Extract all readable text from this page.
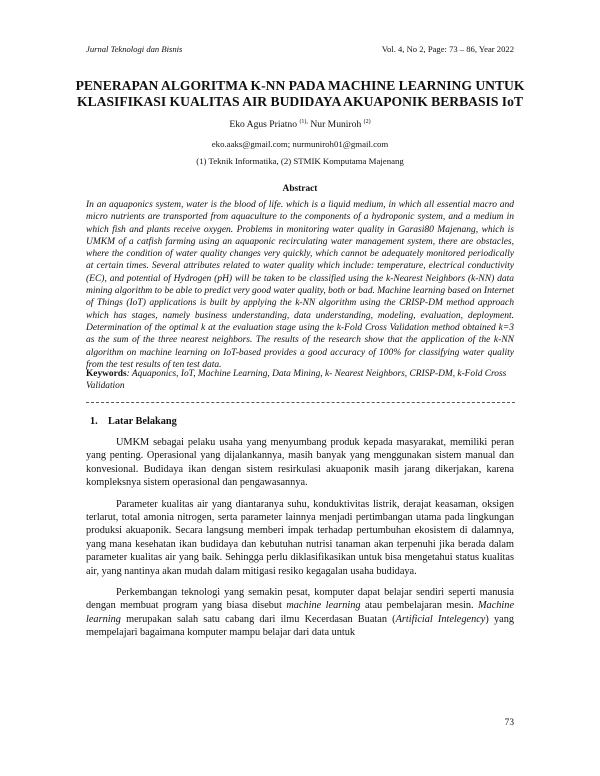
Jurnal Teknologi dan Bisnis	Vol. 4, No 2, Page: 73 – 86, Year 2022
PENERAPAN ALGORITMA K-NN PADA MACHINE LEARNING UNTUK
KLASIFIKASI KUALITAS AIR BUDIDAYA AKUAPONIK BERBASIS IoT
Eko Agus Priatno $^{(1),}$ Nur Muniroh $^{(2)}$
eko.aaks@gmail.com; nurmuniroh01@gmail.com
(1) Teknik Informatika, (2) STMIK Komputama Majenang
Abstract
In an aquaponics system, water is the blood of life. which is a liquid medium, in which all essential macro and micro nutrients are transported from aquaculture to the components of a hydroponic system, and a medium in which fish and plants receive oxygen. Problems in monitoring water quality in Garasi80 Majenang, which is UMKM of a catfish farming using an aquaponic recirculating water management system, there are obstacles, where the condition of water quality changes very quickly, which cannot be adequately monitored periodically at certain times. Several attributes related to water quality which include: temperature, electrical conductivity (EC), and potential of Hydrogen (pH) will be taken to be classified using the k-Nearest Neighbors (k-NN) data mining algorithm to be able to predict very good water quality, both or bad. Machine learning based on Internet of Things (IoT) applications is built by applying the k-NN algorithm using the CRISP-DM method approach which has stages, namely business understanding, data understanding, modeling, evaluation, deployment. Determination of the optimal k at the evaluation stage using the k-Fold Cross Validation method obtained k=3 as the sum of the three nearest neighbors. The results of the research show that the application of the k-NN algorithm on machine learning on IoT-based provides a good accuracy of 100% for classifying water quality from the test results of ten test data.
Keywords: Aquaponics, IoT, Machine Learning, Data Mining, k- Nearest Neighbors, CRISP-DM, k-Fold Cross Validation
1. Latar Belakang

UMKM sebagai pelaku usaha yang menyumbang produk kepada masyarakat, memiliki peran yang penting. Operasional yang dijalankannya, masih banyak yang menggunakan sistem manual dan konvesional. Budidaya ikan dengan sistem resirkulasi akuaponik masih jarang dikerjakan, karena kompleksnya sistem operasional dan pengawasannya.

Parameter kualitas air yang diantaranya suhu, konduktivitas listrik, derajat keasaman, oksigen terlarut, total amonia nitrogen, serta parameter lainnya menjadi pertimbangan utama pada lingkungan produksi akuaponik. Secara langsung memberi impak terhadap pertumbuhan ekosistem di dalamnya, yang mana kesehatan ikan budidaya dan kebutuhan nutrisi tanaman akan terpenuhi jika berada dalam parameter kualitas air yang baik. Sehingga perlu diklasifikasikan untuk bisa mengetahui status kualitas air, yang nantinya akan mudah dalam mitigasi resiko kegagalan usaha budidaya.

Perkembangan teknologi yang semakin pesat, komputer dapat belajar sendiri seperti manusia dengan membuat program yang biasa disebut machine learning atau pembelajaran mesin. Machine learning merupakan salah satu cabang dari ilmu Kecerdasan Buatan (Artificial Intelegency) yang mempelajari bagaimana komputer mampu belajar dari data untuk

73
